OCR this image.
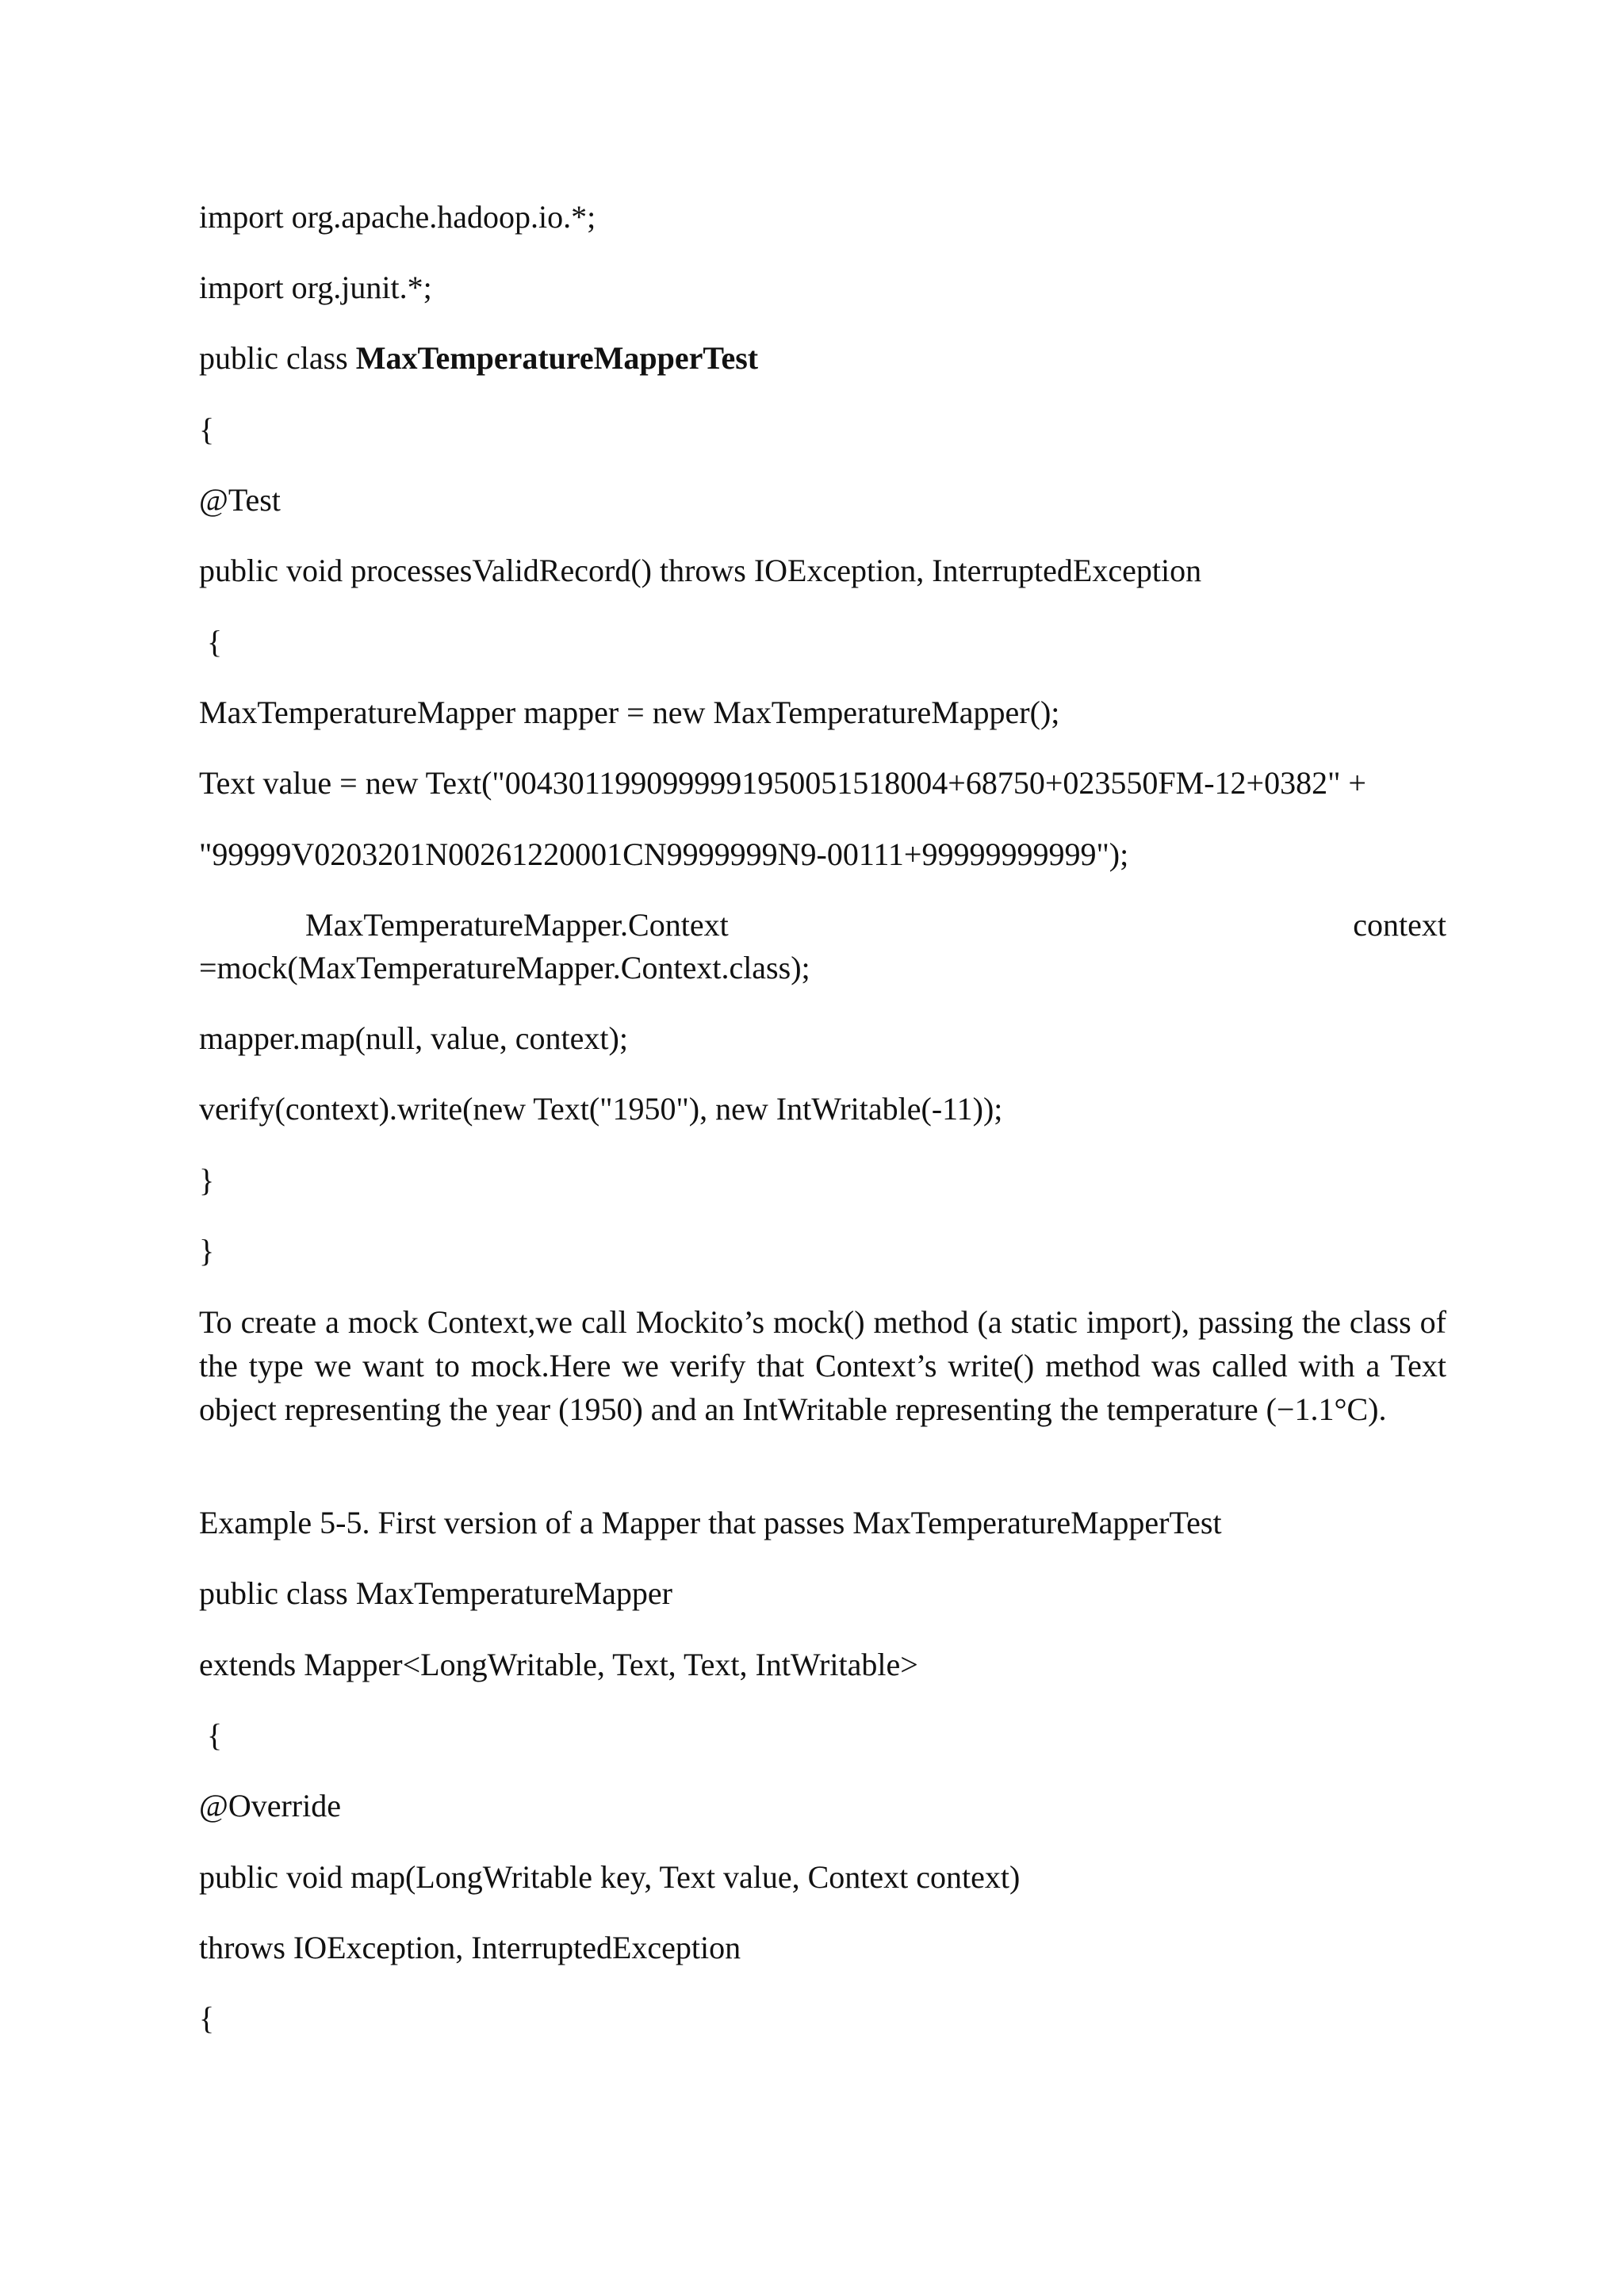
import org.apache.hadoop.io.*;
import org.junit.*;
public class MaxTemperatureMapperTest
{
@Test
public void processesValidRecord() throws IOException, InterruptedException
{
MaxTemperatureMapper mapper = new MaxTemperatureMapper();
Text value = new Text("0043011990999991950051518004+68750+023550FM-12+0382" +
"99999V0203201N00261220001CN9999999N9-00111+99999999999");
MaxTemperatureMapper.Context	context
=mock(MaxTemperatureMapper.Context.class);
mapper.map(null, value, context);
verify(context).write(new Text("1950"), new IntWritable(-11));
}
}
To create a mock Context,we call Mockito’s mock() method (a static import), passing the class of the type we want to mock.Here we verify that Context’s write() method was called with a Text object representing the year (1950) and an IntWritable representing the temperature (−1.1°C).
Example 5-5. First version of a Mapper that passes MaxTemperatureMapperTest
public class MaxTemperatureMapper
extends Mapper<LongWritable, Text, Text, IntWritable>
{
@Override
public void map(LongWritable key, Text value, Context context)
throws IOException, InterruptedException
{
